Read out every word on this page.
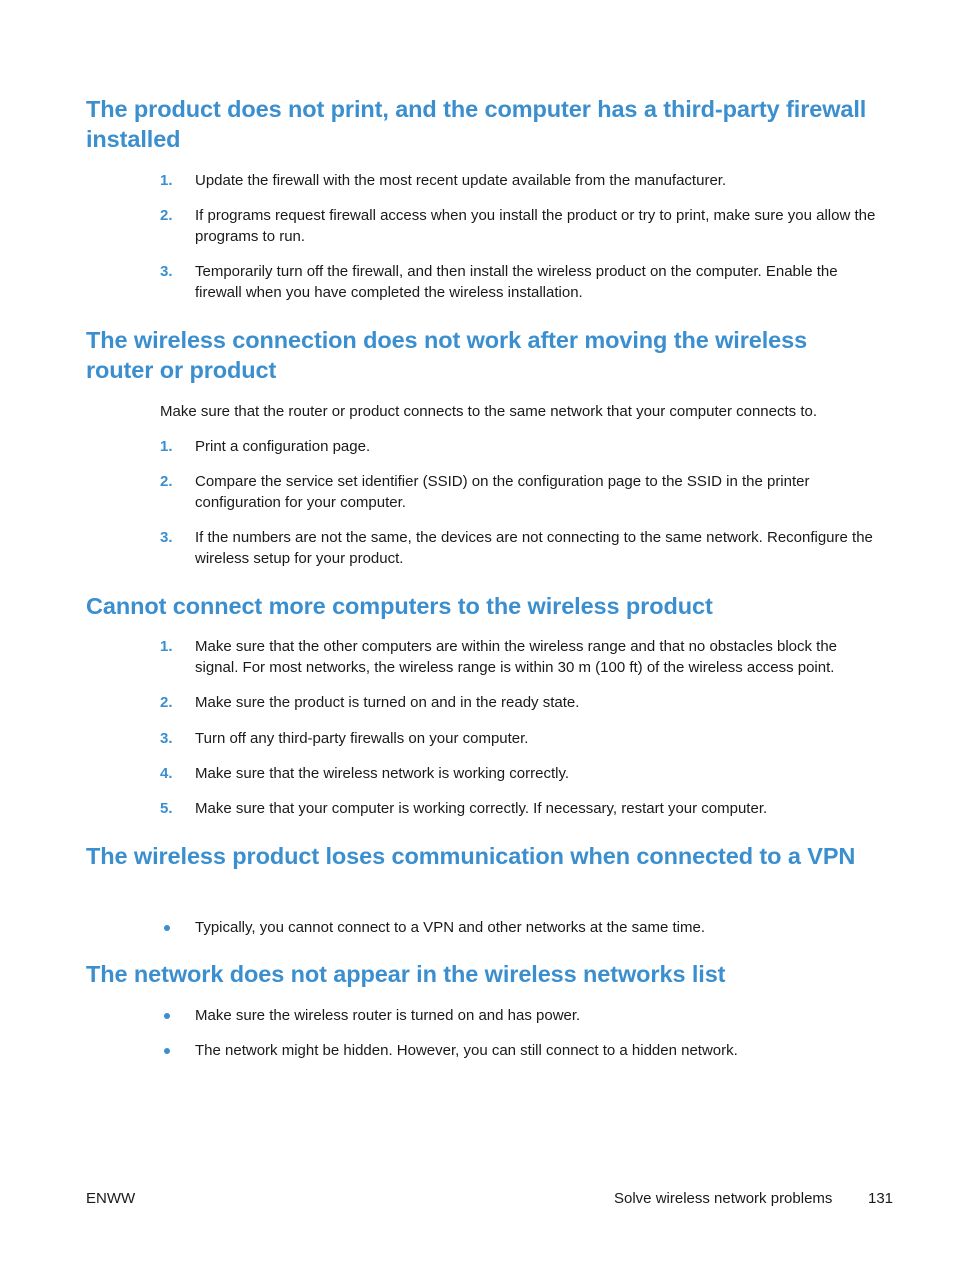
The product does not print, and the computer has a third-party firewall installed
1.	Update the firewall with the most recent update available from the manufacturer.
2.	If programs request firewall access when you install the product or try to print, make sure you allow the programs to run.
3.	Temporarily turn off the firewall, and then install the wireless product on the computer. Enable the firewall when you have completed the wireless installation.
The wireless connection does not work after moving the wireless router or product
Make sure that the router or product connects to the same network that your computer connects to.
1.	Print a configuration page.
2.	Compare the service set identifier (SSID) on the configuration page to the SSID in the printer configuration for your computer.
3.	If the numbers are not the same, the devices are not connecting to the same network. Reconfigure the wireless setup for your product.
Cannot connect more computers to the wireless product
1.	Make sure that the other computers are within the wireless range and that no obstacles block the signal. For most networks, the wireless range is within 30 m (100 ft) of the wireless access point.
2.	Make sure the product is turned on and in the ready state.
3.	Turn off any third-party firewalls on your computer.
4.	Make sure that the wireless network is working correctly.
5.	Make sure that your computer is working correctly. If necessary, restart your computer.
The wireless product loses communication when connected to a VPN
Typically, you cannot connect to a VPN and other networks at the same time.
The network does not appear in the wireless networks list
Make sure the wireless router is turned on and has power.
The network might be hidden. However, you can still connect to a hidden network.
ENWW	Solve wireless network problems 131
